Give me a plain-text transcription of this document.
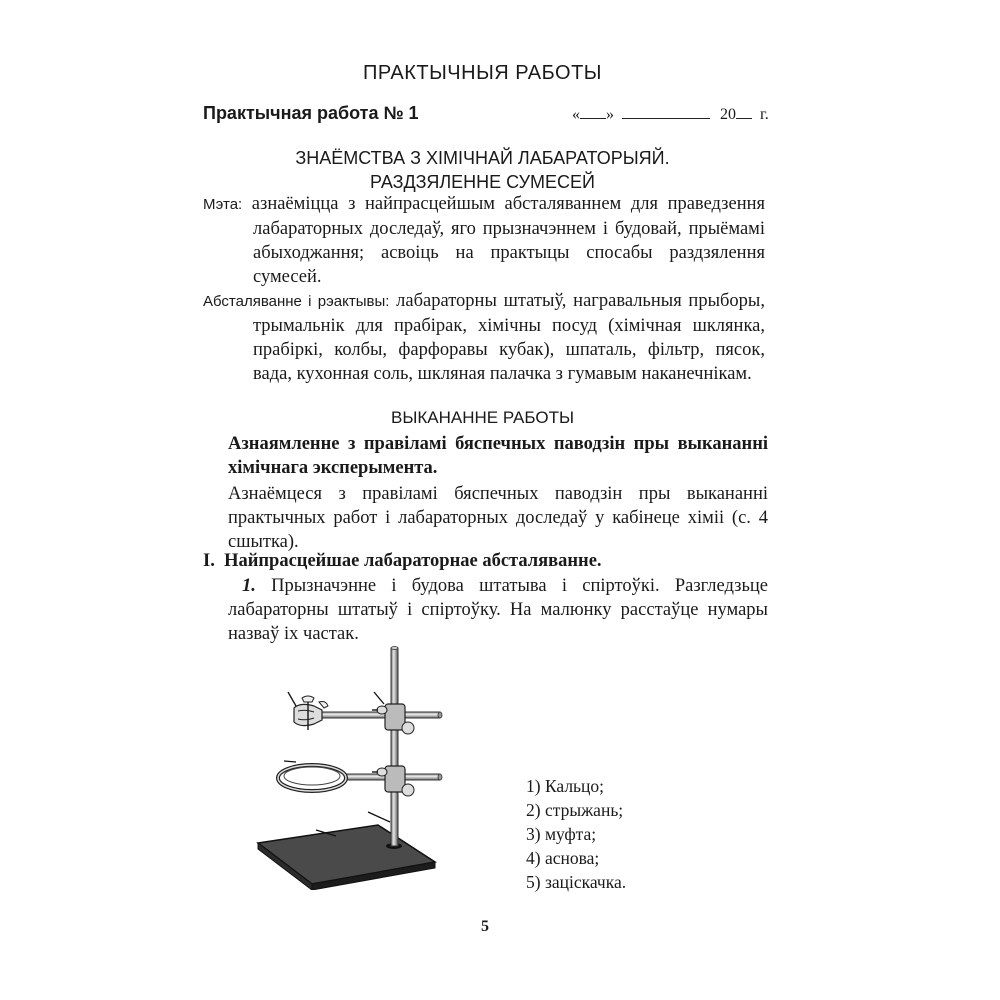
ПРАКТЫЧНЫЯ РАБОТЫ
Практычная работа № 1	« »	20 г.
ЗНАЁМСТВА З ХІМІЧНАЙ ЛАБАРАТОРЫЯЙ.
РАЗДЗЯЛЕННЕ СУМЕСЕЙ
Мэта: азнаёміцца з найпрасцейшым абсталяваннем для праведзення лабараторных доследаў, яго прызначэннем і будовай, прыёмамі абыходжання; асвоіць на практыцы спосабы раздзялення сумесей.
Абсталяванне і рэактывы: лабараторны штатыў, награвальныя прыборы, трымальнік для прабірак, хімічны посуд (хімічная шклянка, прабіркі, колбы, фарфоравы кубак), шпаталь, фільтр, пясок, вада, кухонная соль, шкляная палачка з гумавым наканечнікам.
ВЫКАНАННЕ РАБОТЫ
Азнаямленне з правіламі бяспечных паводзін пры выкананні хімічнага эксперымента.
Азнаёмцеся з правіламі бяспечных паводзін пры выкананні практычных работ і лабараторных доследаў у кабінеце хіміі (с. 4 сшытка).
I.  Найпрасцейшае лабараторнае абсталяванне.
1. Прызначэнне і будова штатыва і спіртоўкі. Разгледзьце лабараторны штатыў і спіртоўку. На малюнку расстаўце нумары назваў іх частак.
1) Кальцо;
2) стрыжань;
3) муфта;
4) аснова;
5) зацiскачка.
5
